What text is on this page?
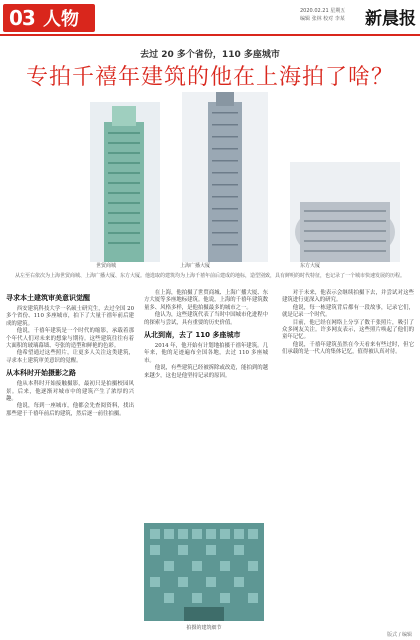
03 人物	2020.02.21 星期五
编辑 张林 校对 李某 新晨报
去过 20 多个省份，110 多座城市
专拍千禧年建筑的他在上海拍了啥？
世贸商城	上海广播大厦	东方大厦
从左至右依次为上海世贸商城、上海广播大厦、东方大厦。他选取的建筑均为上海千禧年前后建成的地标，造型别致，具有鲜明的时代特征，也记录了一个城市快速发展的历程。
寻求本土建筑审美意识觉醒

西安建筑科技大学一名硕士研究生，去过全国 20 多个省份、110 多座城市，拍下了大量千禧年前后建成的建筑。

他说，千禧年建筑是一个时代的缩影，承载着那个年代人们对未来的想象与期待。这些建筑往往有着大面积的玻璃幕墙、夸张的造型和鲜艳的色彩。

他希望通过这些照片，让更多人关注这类建筑，寻求本土建筑审美意识的觉醒。

从本科时开始摄影之路

他从本科时开始接触摄影，最初只是拍摄校园风景。后来，他逐渐对城市中的建筑产生了浓厚的兴趣。

他说，每到一座城市，他都会先查阅资料，找出那些建于千禧年前后的建筑，然后逐一前往拍摄。

在上海，他拍摄了世贸商城、上海广播大厦、东方大厦等多座地标建筑。他说，上海的千禧年建筑数量多、风格多样，是他拍摄最多的城市之一。

他认为，这些建筑代表了当时中国城市化进程中的探索与尝试，具有重要的历史价值。

从北到南，去了 110 多座城市

2014 年，他开始有计划地拍摄千禧年建筑。几年来，他的足迹遍布全国各地，去过 110 多座城市。

他说，有些建筑已经被拆除或改造，能拍到的越来越少，这也是他坚持记录的原因。

拍摄的建筑细节

对于未来，他表示会继续拍摄下去，并尝试对这些建筑进行更深入的研究。

他说，每一栋建筑背后都有一段故事，记录它们，就是记录一个时代。

目前，他已经在网络上分享了数千张照片，吸引了众多网友关注。许多网友表示，这些照片唤起了他们的童年记忆。

他说，千禧年建筑虽然在今天看来有些过时，但它们承载的是一代人的集体记忆，值得被认真对待。

版式 / 编辑
